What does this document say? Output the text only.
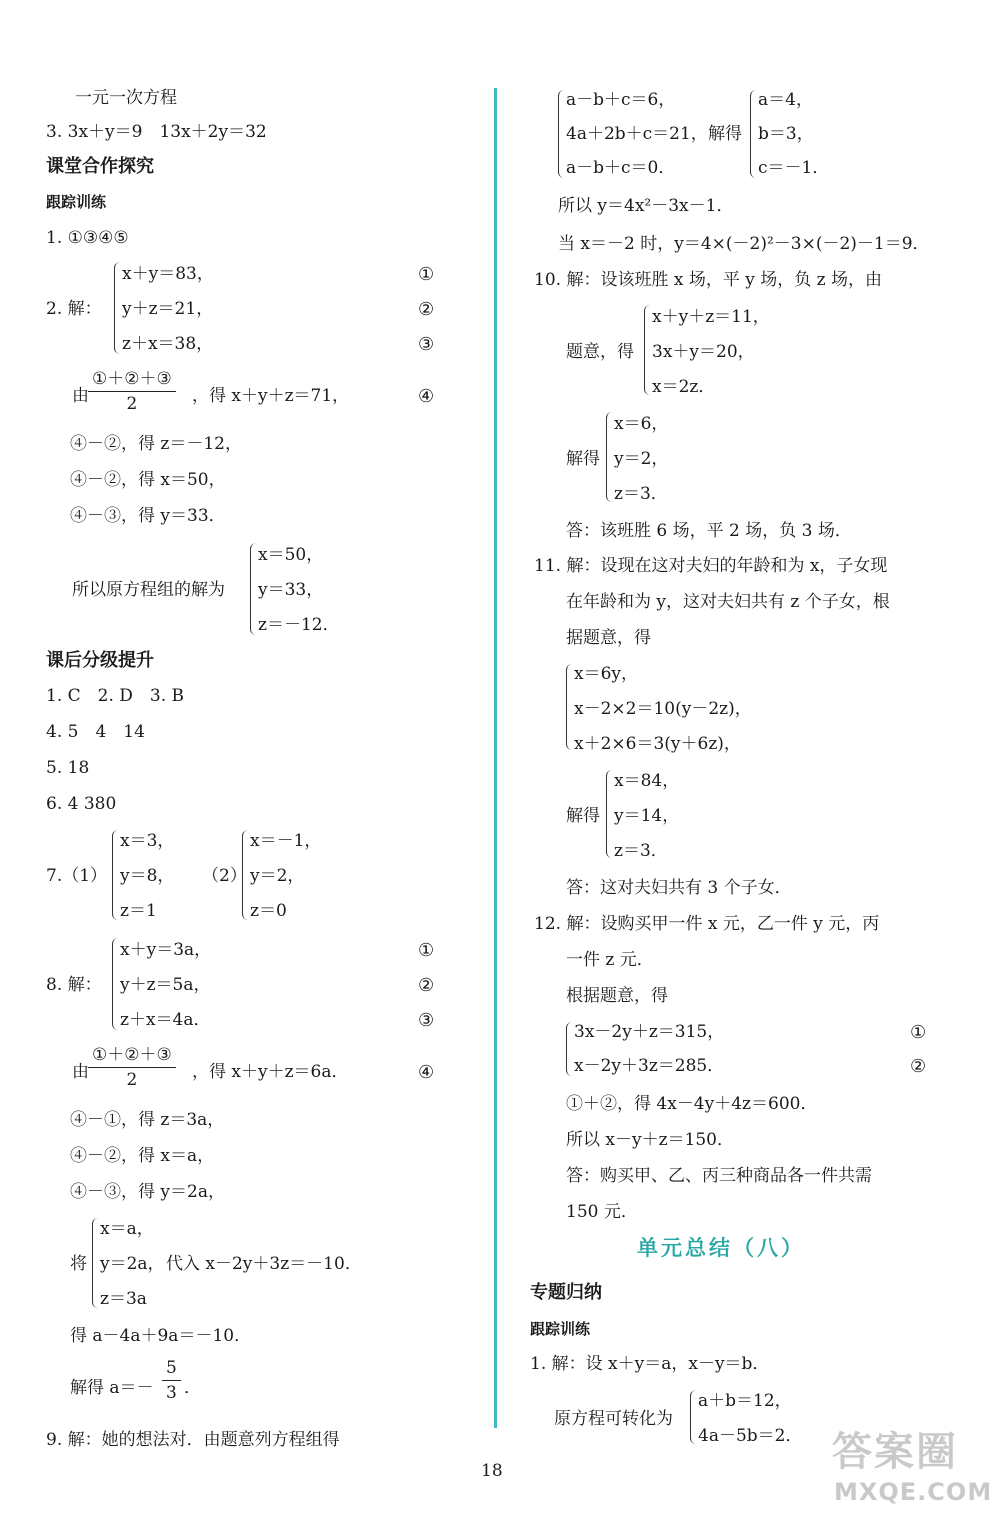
一元一次方程
3. 3x＋y＝9　13x＋2y＝32
课堂合作探究
跟踪训练
1. ①③④⑤
2. 解：
x＋y＝83，
y＋z＝21，
z＋x＝38，
①
②
③
由
①＋②＋③
2	，得 x＋y＋z＝71，	④
④－②，得 z＝－12，
④－②，得 x＝50，
④－③，得 y＝33．
所以原方程组的解为
x＝50，
y＝33，
z＝－12．
课后分级提升
1. C　2. D　3. B
4. 5　4　14
5. 18
6. 4 380
7.（1）
x＝3，
y＝8，
z＝1
（2）
x＝－1，
y＝2，
z＝0
8. 解：
x＋y＝3a，
y＋z＝5a，
z＋x＝4a．
①
②
③
由
①＋②＋③
2	，得 x＋y＋z＝6a．	④
④－①，得 z＝3a，
④－②，得 x＝a，
④－③，得 y＝2a，
将
x＝a，
y＝2a，
z＝3a
代入 x－2y＋3z＝－10．
得 a－4a＋9a＝－10．
解得 $a=- \frac{5}{3}$ ．
9. 解：她的想法对．由题意列方程组得
a－b＋c＝6，
4a＋2b＋c＝21，
a－b＋c＝0．
解得
a＝4，
b＝3，
c＝－1．
所以 y＝4x²－3x－1．
当 x＝－2 时，y＝4×(－2)²－3×(－2)－1＝9．
10. 解：设该班胜 x 场，平 y 场，负 z 场，由
题意，得
x＋y＋z＝11，
3x＋y＝20，
x＝2z．
解得
x＝6，
y＝2，
z＝3．
答：该班胜 6 场，平 2 场，负 3 场．
11. 解：设现在这对夫妇的年龄和为 x，子女现
在年龄和为 y，这对夫妇共有 z 个子女，根
据题意，得
x＝6y，
x－2×2＝10(y－2z)，
x＋2×6＝3(y＋6z)，
解得
x＝84，
y＝14，
z＝3．
答：这对夫妇共有 3 个子女．
12. 解：设购买甲一件 x 元，乙一件 y 元，丙
一件 z 元．
根据题意，得
3x－2y＋z＝315，
x－2y＋3z＝285．
①
②
①＋②，得 4x－4y＋4z＝600．
所以 x－y＋z＝150．
答：购买甲、乙、丙三种商品各一件共需
150 元．
单元总结（八）
专题归纳
跟踪训练
1. 解：设 x＋y＝a，x－y＝b．
原方程可转化为
a＋b＝12，
4a－5b＝2．
18	答案圈
MXQE.COM
